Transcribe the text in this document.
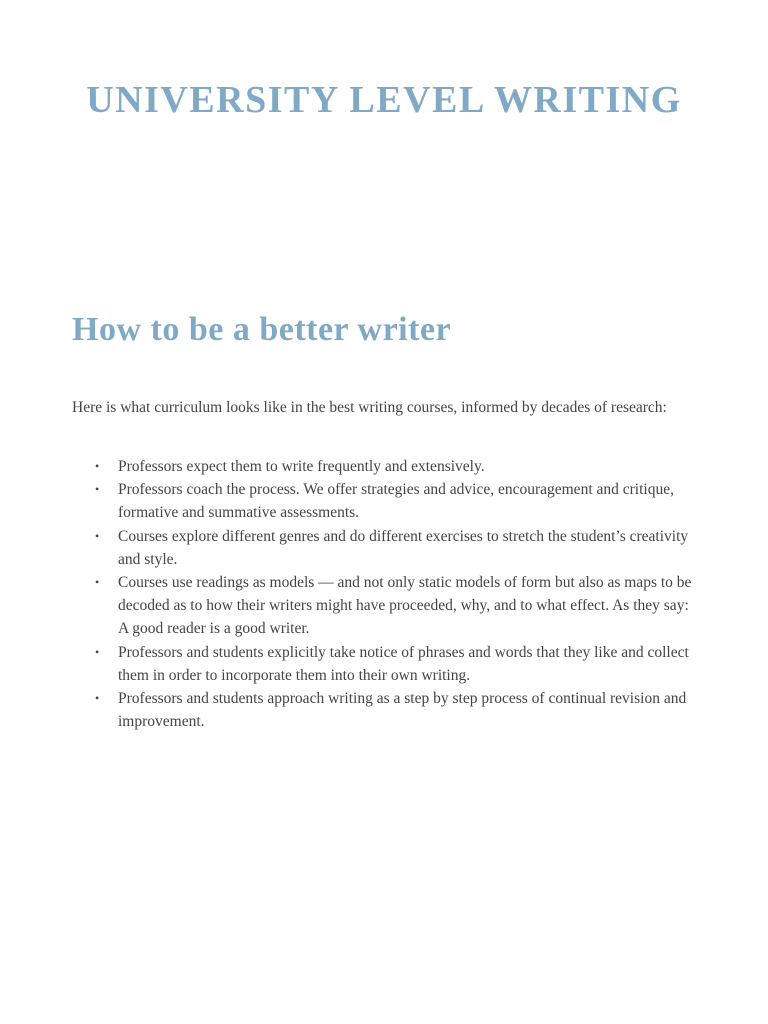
UNIVERSITY LEVEL WRITING
How to be a better writer

Here is what curriculum looks like in the best writing courses, informed by decades of research:

• Professors expect them to write frequently and extensively.
• Professors coach the process. We offer strategies and advice, encouragement and critique, formative and summative assessments.
• Courses explore different genres and do different exercises to stretch the student’s creativity and style.
• Courses use readings as models — and not only static models of form but also as maps to be decoded as to how their writers might have proceeded, why, and to what effect. As they say: A good reader is a good writer.
• Professors and students explicitly take notice of phrases and words that they like and collect them in order to incorporate them into their own writing.
• Professors and students approach writing as a step by step process of continual revision and improvement.
